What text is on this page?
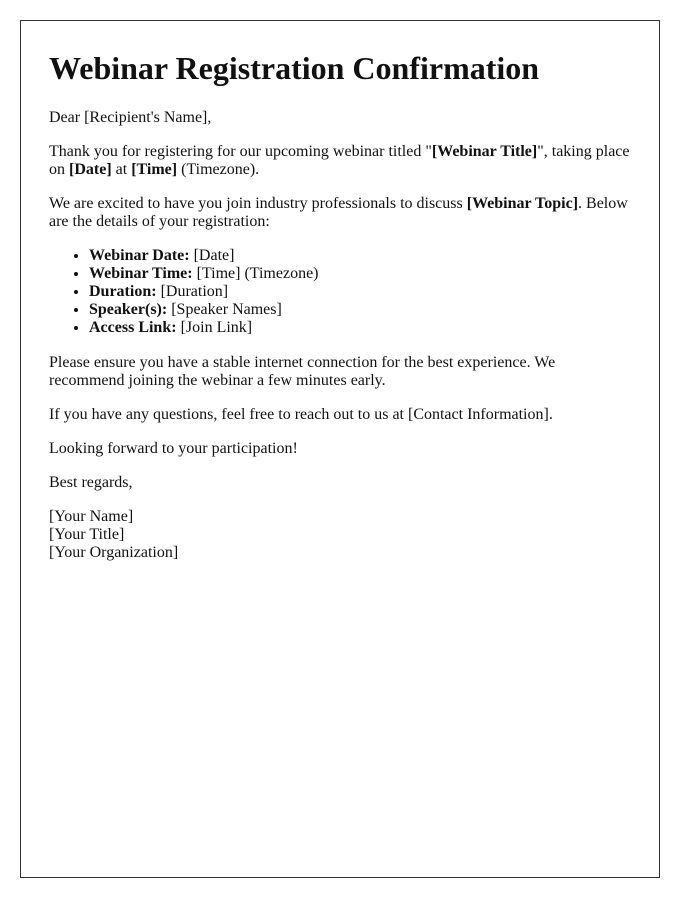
Webinar Registration Confirmation

Dear [Recipient's Name],

Thank you for registering for our upcoming webinar titled "[Webinar Title]", taking place on [Date] at [Time] (Timezone).

We are excited to have you join industry professionals to discuss [Webinar Topic]. Below are the details of your registration:

• Webinar Date: [Date]
• Webinar Time: [Time] (Timezone)
• Duration: [Duration]
• Speaker(s): [Speaker Names]
• Access Link: [Join Link]

Please ensure you have a stable internet connection for the best experience. We recommend joining the webinar a few minutes early.

If you have any questions, feel free to reach out to us at [Contact Information].

Looking forward to your participation!

Best regards,

[Your Name]

[Your Title]

[Your Organization]
